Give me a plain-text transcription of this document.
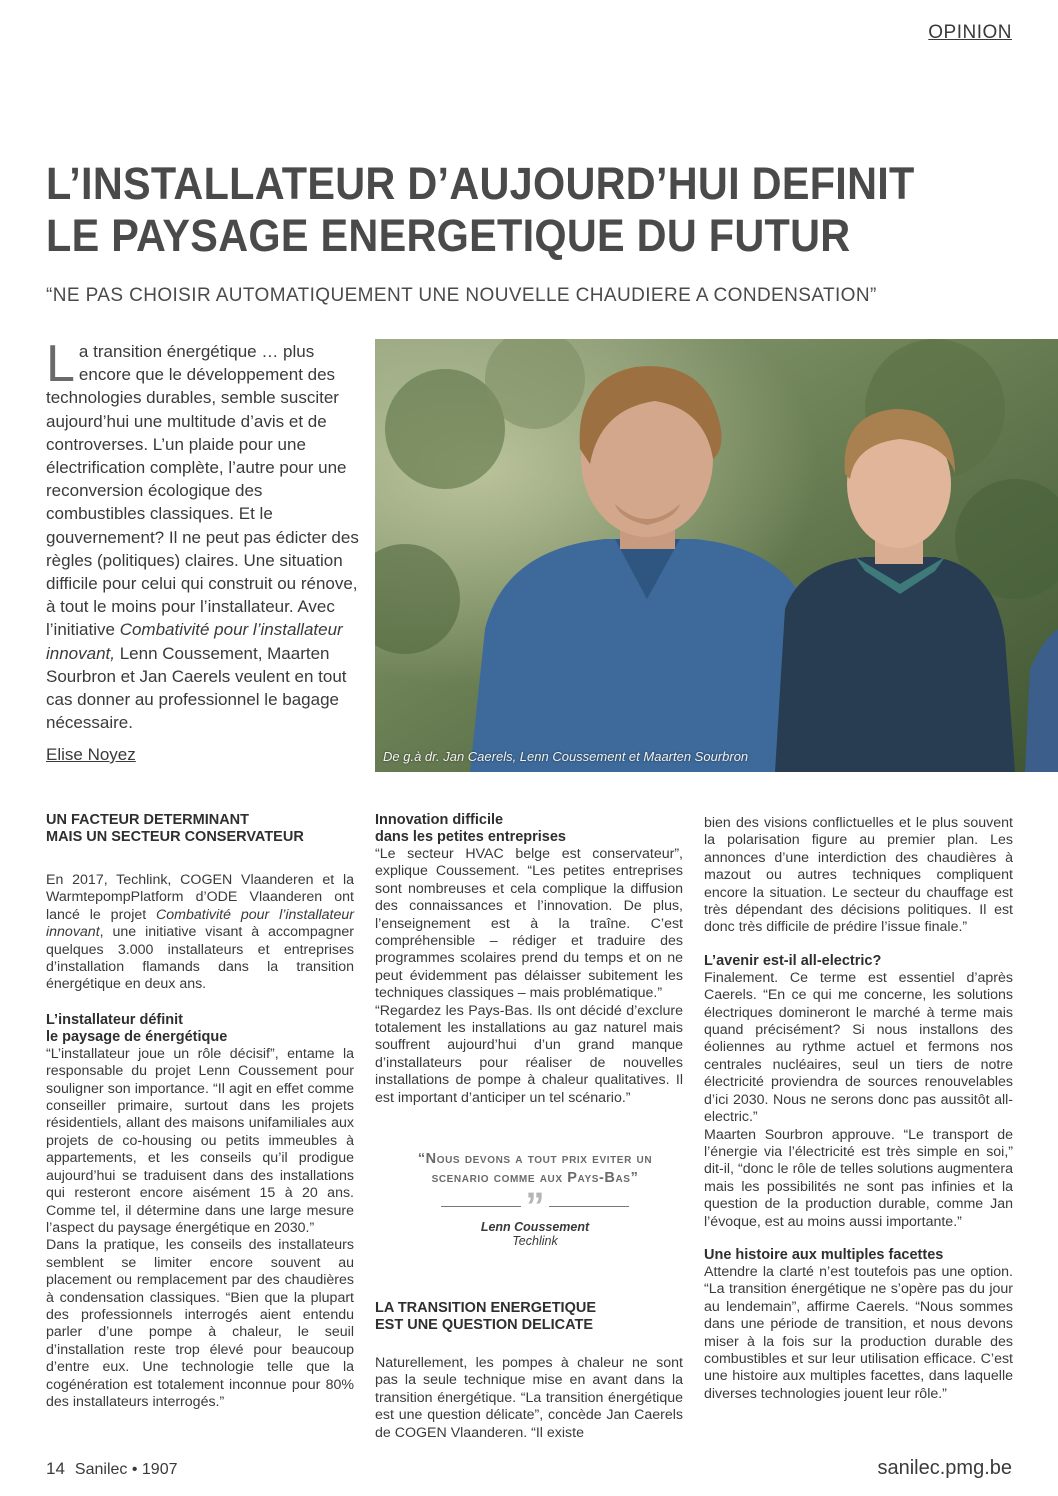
OPINION
L’INSTALLATEUR D’AUJOURD’HUI DEFINIT
LE PAYSAGE ENERGETIQUE DU FUTUR
“NE PAS CHOISIR AUTOMATIQUEMENT UNE NOUVELLE CHAUDIERE A CONDENSATION”
La transition énergétique … plus encore que le développement des technologies durables, semble susciter aujourd’hui une multitude d’avis et de controverses. L’un plaide pour une électrification complète, l’autre pour une reconversion écologique des combustibles classiques. Et le gouvernement? Il ne peut pas édicter des règles (politiques) claires. Une situation difficile pour celui qui construit ou rénove, à tout le moins pour l’installateur. Avec l’initiative Combativité pour l’installateur innovant, Lenn Coussement, Maarten Sourbron et Jan Caerels veulent en tout cas donner au professionnel le bagage nécessaire.
Elise Noyez	De g.à dr. Jan Caerels, Lenn Coussement et Maarten Sourbron
UN FACTEUR DETERMINANT
MAIS UN SECTEUR CONSERVATEUR

En 2017, Techlink, COGEN Vlaanderen et la WarmtepompPlatform d’ODE Vlaanderen ont lancé le projet Combativité pour l’installateur innovant, une initiative visant à accompagner quelques 3.000 installateurs et entreprises d’installation flamands dans la transition énergétique en deux ans.

L’installateur définit
le paysage de énergétique

“L’installateur joue un rôle décisif”, entame la responsable du projet Lenn Coussement pour souligner son importance. “Il agit en effet comme conseiller primaire, surtout dans les projets résidentiels, allant des maisons unifamiliales aux projets de co-housing ou petits immeubles à appartements, et les conseils qu’il prodigue aujourd’hui se traduisent dans des installations qui resteront encore aisément 15 à 20 ans. Comme tel, il détermine dans une large mesure l’aspect du paysage énergétique en 2030.”

Dans la pratique, les conseils des installateurs semblent se limiter encore souvent au placement ou remplacement par des chaudières à condensation classiques. “Bien que la plupart des professionnels interrogés aient entendu parler d’une pompe à chaleur, le seuil d’installation reste trop élevé pour beaucoup d’entre eux. Une technologie telle que la cogénération est totalement inconnue pour 80% des installateurs interrogés.”

Innovation difficile
dans les petites entreprises

“Le secteur HVAC belge est conservateur”, explique Coussement. “Les petites entreprises sont nombreuses et cela complique la diffusion des connaissances et l’innovation. De plus, l’enseignement est à la traîne. C’est compréhensible – rédiger et traduire des programmes scolaires prend du temps et on ne peut évidemment pas délaisser subitement les techniques classiques – mais problématique.”

“Regardez les Pays-Bas. Ils ont décidé d’exclure totalement les installations au gaz naturel mais souffrent aujourd’hui d’un grand manque d’installateurs pour réaliser de nouvelles installations de pompe à chaleur qualitatives. Il est important d’anticiper un tel scénario.”

“Nous devons a tout prix eviter un
scenario comme aux Pays-Bas”
”
Lenn Coussement
Techlink
LA TRANSITION ENERGETIQUE
EST UNE QUESTION DELICATE

Naturellement, les pompes à chaleur ne sont pas la seule technique mise en avant dans la transition énergétique. “La transition énergétique est une question délicate”, concède Jan Caerels de COGEN Vlaanderen. “Il existe

bien des visions conflictuelles et le plus souvent la polarisation figure au premier plan. Les annonces d’une interdiction des chaudières à mazout ou autres techniques compliquent encore la situation. Le secteur du chauffage est très dépendant des décisions politiques. Il est donc très difficile de prédire l’issue finale.”

L’avenir est-il all-electric?

Finalement. Ce terme est essentiel d’après Caerels. “En ce qui me concerne, les solutions électriques domineront le marché à terme mais quand précisément? Si nous installons des éoliennes au rythme actuel et fermons nos centrales nucléaires, seul un tiers de notre électricité proviendra de sources renouvelables d’ici 2030. Nous ne serons donc pas aussitôt all-electric.”

Maarten Sourbron approuve. “Le transport de l’énergie via l’électricité est très simple en soi,” dit-il, “donc le rôle de telles solutions augmentera mais les possibilités ne sont pas infinies et la question de la production durable, comme Jan l’évoque, est au moins aussi importante.”

Une histoire aux multiples facettes

Attendre la clarté n’est toutefois pas une option. “La transition énergétique ne s’opère pas du jour au lendemain”, affirme Caerels. “Nous sommes dans une période de transition, et nous devons miser à la fois sur la production durable des combustibles et sur leur utilisation efficace. C’est une histoire aux multiples facettes, dans laquelle diverses technologies jouent leur rôle.”

14 Sanilec • 1907	sanilec.pmg.be
